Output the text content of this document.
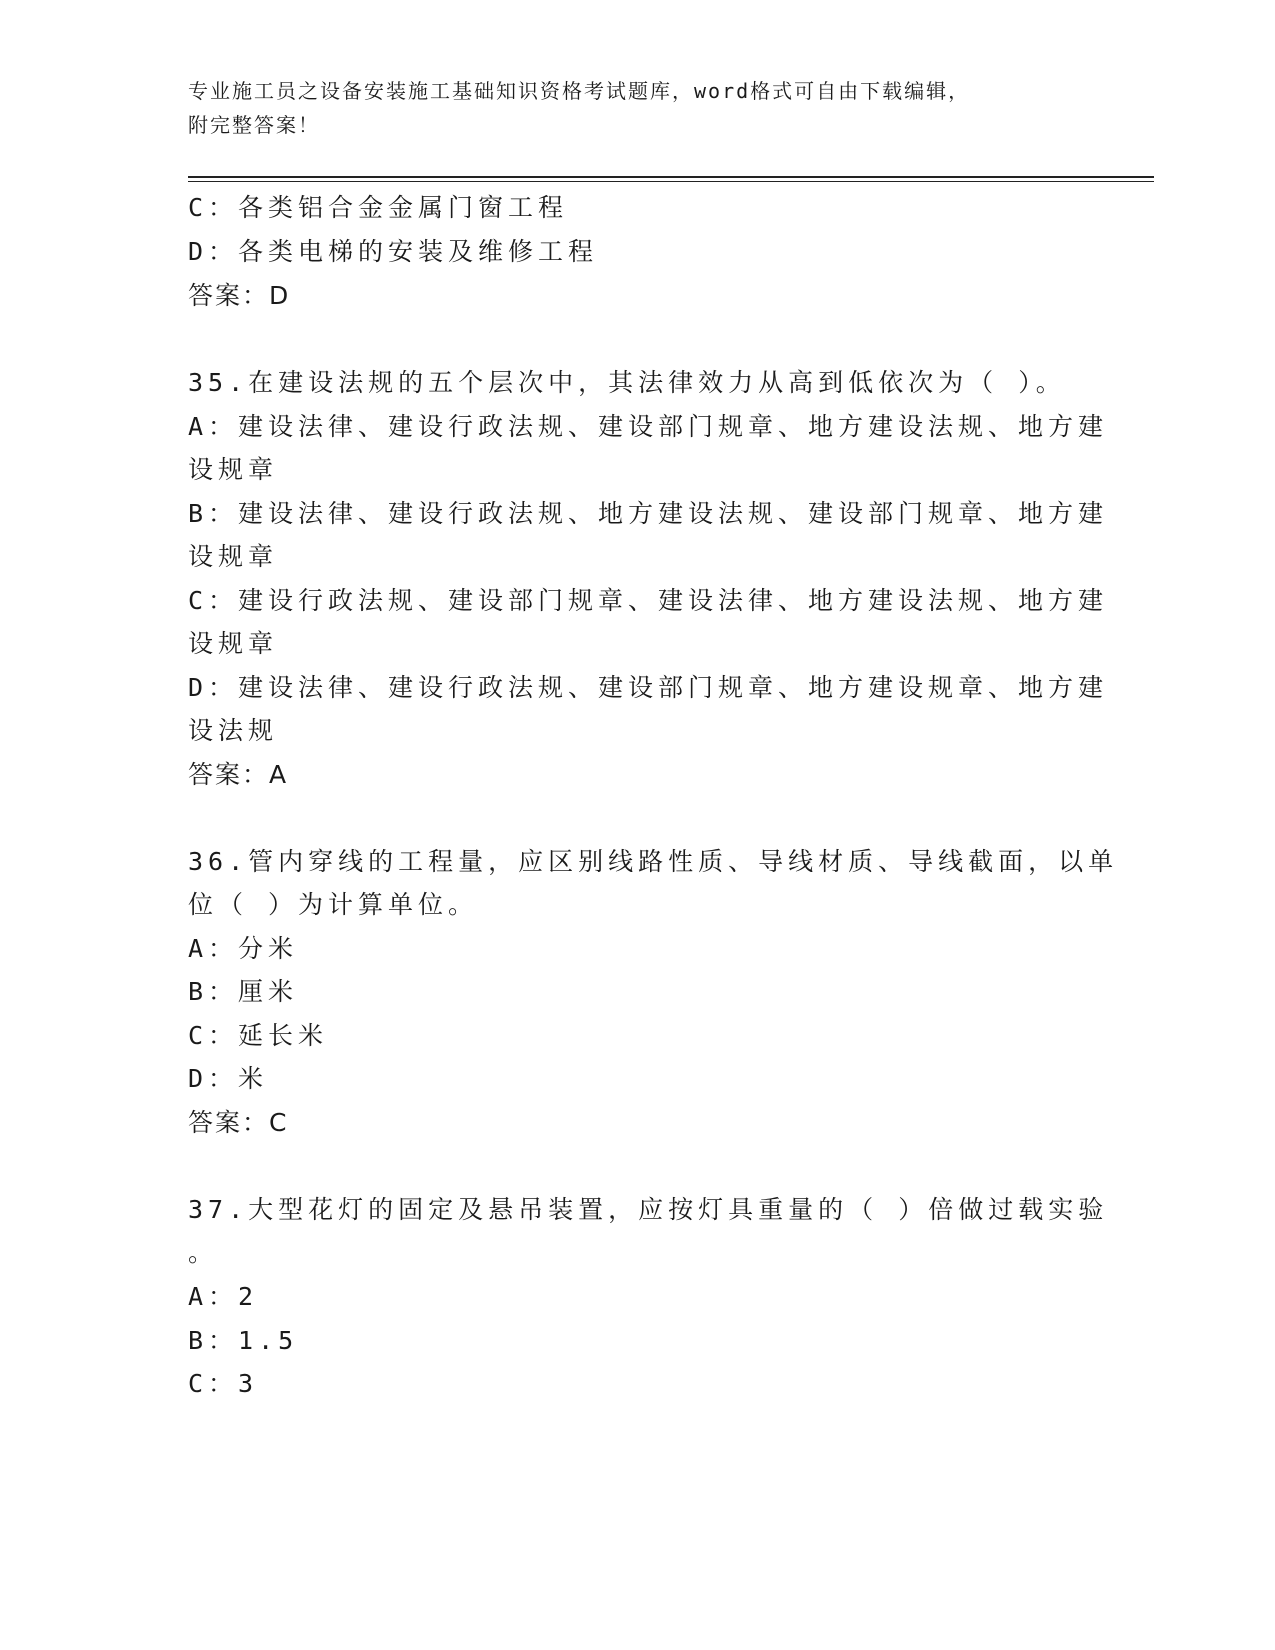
专业施工员之设备安装施工基础知识资格考试题库，word格式可自由下载编辑，
附完整答案！
C：各类铝合金金属门窗工程
D：各类电梯的安装及维修工程
答案：D
35.在建设法规的五个层次中，其法律效力从高到低依次为（ ）。
A：建设法律、建设行政法规、建设部门规章、地方建设法规、地方建
设规章
B：建设法律、建设行政法规、地方建设法规、建设部门规章、地方建
设规章
C：建设行政法规、建设部门规章、建设法律、地方建设法规、地方建
设规章
D：建设法律、建设行政法规、建设部门规章、地方建设规章、地方建
设法规
答案：A
36.管内穿线的工程量，应区别线路性质、导线材质、导线截面，以单
位（ ）为计算单位。
A：分米
B：厘米
C：延长米
D：米
答案：C
37.大型花灯的固定及悬吊装置，应按灯具重量的（ ）倍做过载实验
。
A：2
B：1.5
C：3
